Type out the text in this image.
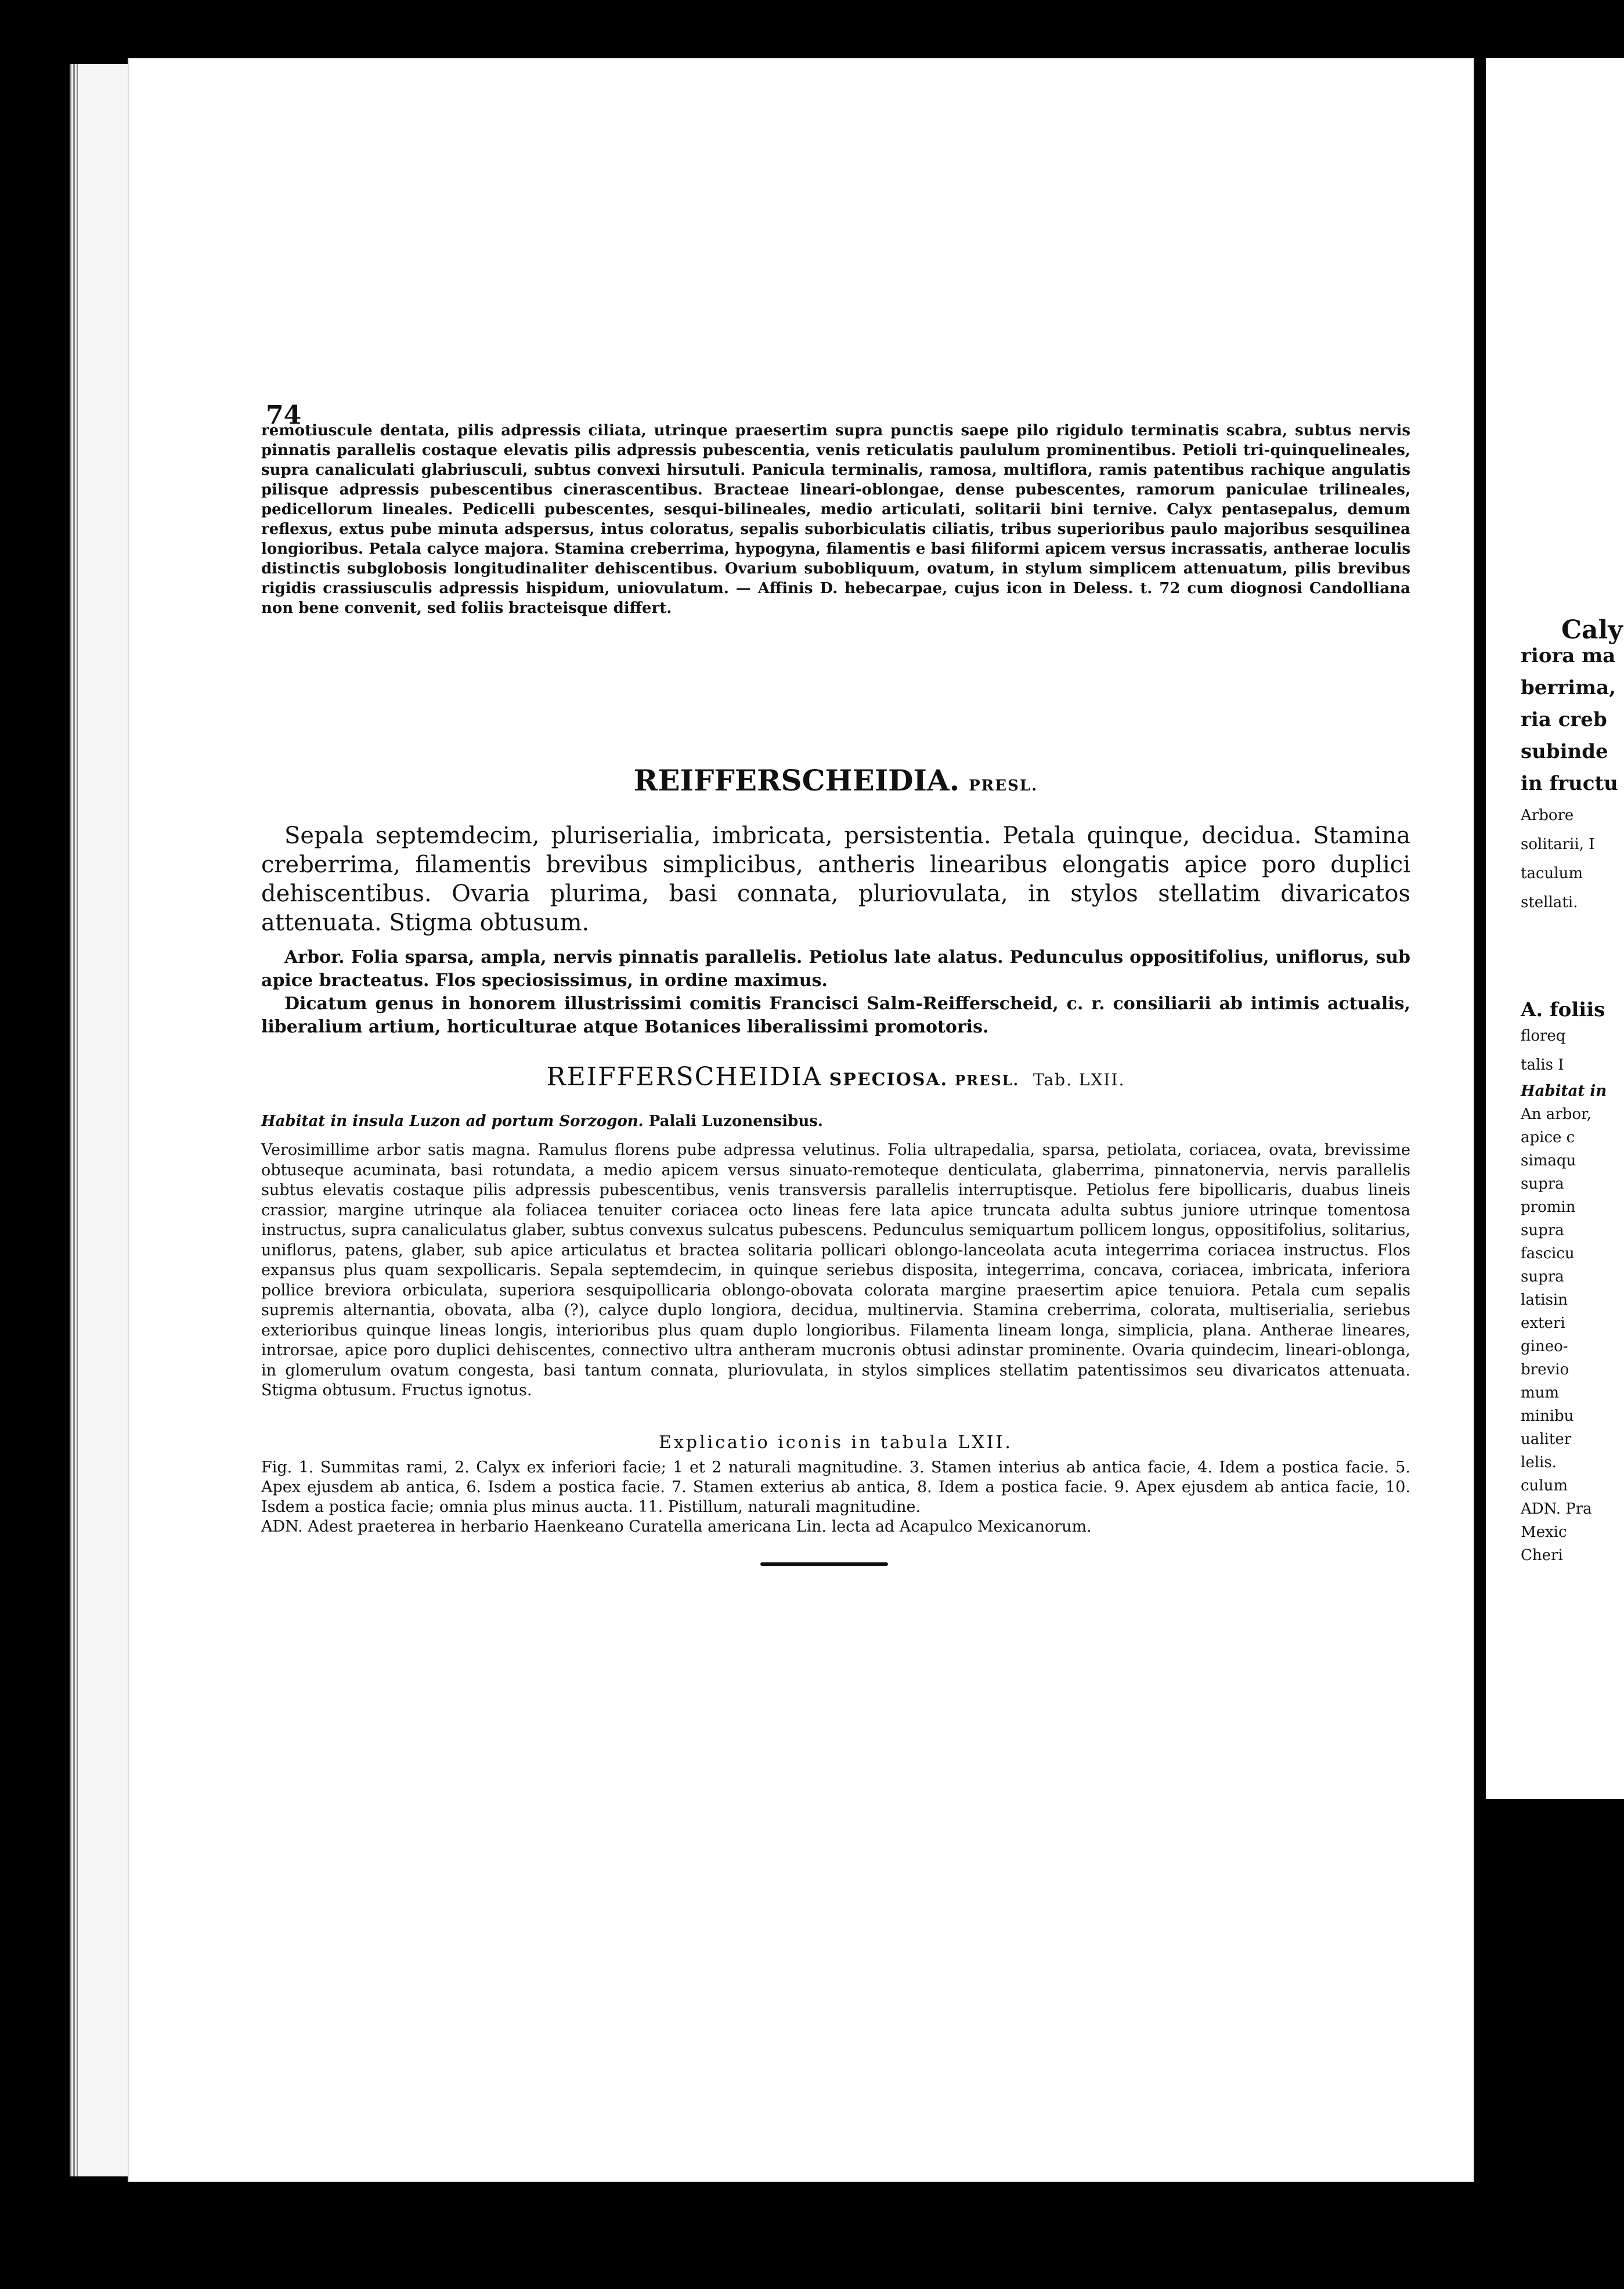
Caly
riora ma
berrima,
ria creb
subinde
in fructu
Arbore
solitarii, I
taculum
stellati.
A. foliis
floreq
talis I
Habitat in
An arbor,
apice c
simaqu
supra
promin
supra
fascicu
supra
latisin
exteri
gineo-
brevio
mum
minibu
ualiter
lelis.
culum
ADN. Pra
Mexic
Cheri
74

remotiuscule dentata, pilis adpressis ciliata, utrinque praesertim supra punctis saepe pilo rigidulo terminatis scabra, subtus nervis pinnatis parallelis costaque elevatis pilis adpressis pubescentia, venis reticulatis paululum prominentibus. Petioli tri-quinquelineales, supra canaliculati glabriusculi, subtus convexi hirsutuli. Panicula terminalis, ramosa, multiflora, ramis patentibus rachique angulatis pilisque adpressis pubescentibus cinerascentibus. Bracteae lineari-oblongae, dense pubescentes, ramorum paniculae trilineales, pedicellorum lineales. Pedicelli pubescentes, sesqui-bilineales, medio articulati, solitarii bini ternive. Calyx pentasepalus, demum reflexus, extus pube minuta adspersus, intus coloratus, sepalis suborbiculatis ciliatis, tribus superioribus paulo majoribus sesquilinea longioribus. Petala calyce majora. Stamina creberrima, hypogyna, filamentis e basi filiformi apicem versus incrassatis, antherae loculis distinctis subglobosis longitudinaliter dehiscentibus. Ovarium subobliquum, ovatum, in stylum simplicem attenuatum, pilis brevibus rigidis crassiusculis adpressis hispidum, uniovulatum. — Affinis D. hebecarpae, cujus icon in Deless. t. 72 cum diognosi Candolliana non bene convenit, sed foliis bracteisque differt.

REIFFERSCHEIDIA. PRESL.

Sepala septemdecim, pluriserialia, imbricata, persistentia. Petala quinque, decidua. Stamina creberrima, filamentis brevibus simplicibus, antheris linearibus elongatis apice poro duplici dehiscentibus. Ovaria plurima, basi connata, pluriovulata, in stylos stellatim divaricatos attenuata. Stigma obtusum.

Arbor. Folia sparsa, ampla, nervis pinnatis parallelis. Petiolus late alatus. Pedunculus oppositifolius, uniflorus, sub apice bracteatus. Flos speciosissimus, in ordine maximus.

Dicatum genus in honorem illustrissimi comitis Francisci Salm-Reifferscheid, c. r. consiliarii ab intimis actualis, liberalium artium, horticulturae atque Botanices liberalissimi promotoris.

REIFFERSCHEIDIA SPECIOSA. PRESL. Tab. LXII.

Habitat in insula Luzon ad portum Sorzogon. Palali Luzonensibus.

Verosimillime arbor satis magna. Ramulus florens pube adpressa velutinus. Folia ultrapedalia, sparsa, petiolata, coriacea, ovata, brevissime obtuseque acuminata, basi rotundata, a medio apicem versus sinuato-remoteque denticulata, glaberrima, pinnatonervia, nervis parallelis subtus elevatis costaque pilis adpressis pubescentibus, venis transversis parallelis interruptisque. Petiolus fere bipollicaris, duabus lineis crassior, margine utrinque ala foliacea tenuiter coriacea octo lineas fere lata apice truncata adulta subtus juniore utrinque tomentosa instructus, supra canaliculatus glaber, subtus convexus sulcatus pubescens. Pedunculus semiquartum pollicem longus, oppositifolius, solitarius, uniflorus, patens, glaber, sub apice articulatus et bractea solitaria pollicari oblongo-lanceolata acuta integerrima coriacea instructus. Flos expansus plus quam sexpollicaris. Sepala septemdecim, in quinque seriebus disposita, integerrima, concava, coriacea, imbricata, inferiora pollice breviora orbiculata, superiora sesquipollicaria oblongo-obovata colorata margine praesertim apice tenuiora. Petala cum sepalis supremis alternantia, obovata, alba (?), calyce duplo longiora, decidua, multinervia. Stamina creberrima, colorata, multiserialia, seriebus exterioribus quinque lineas longis, interioribus plus quam duplo longioribus. Filamenta lineam longa, simplicia, plana. Antherae lineares, introrsae, apice poro duplici dehiscentes, connectivo ultra antheram mucronis obtusi adinstar prominente. Ovaria quindecim, lineari-oblonga, in glomerulum ovatum congesta, basi tantum connata, pluriovulata, in stylos simplices stellatim patentissimos seu divaricatos attenuata. Stigma obtusum. Fructus ignotus.

Explicatio iconis in tabula LXII.

Fig. 1. Summitas rami, 2. Calyx ex inferiori facie; 1 et 2 naturali magnitudine. 3. Stamen interius ab antica facie, 4. Idem a postica facie. 5. Apex ejusdem ab antica, 6. Isdem a postica facie. 7. Stamen exterius ab antica, 8. Idem a postica facie. 9. Apex ejusdem ab antica facie, 10. Isdem a postica facie; omnia plus minus aucta. 11. Pistillum, naturali magnitudine.

ADN. Adest praeterea in herbario Haenkeano Curatella americana Lin. lecta ad Acapulco Mexicanorum.
